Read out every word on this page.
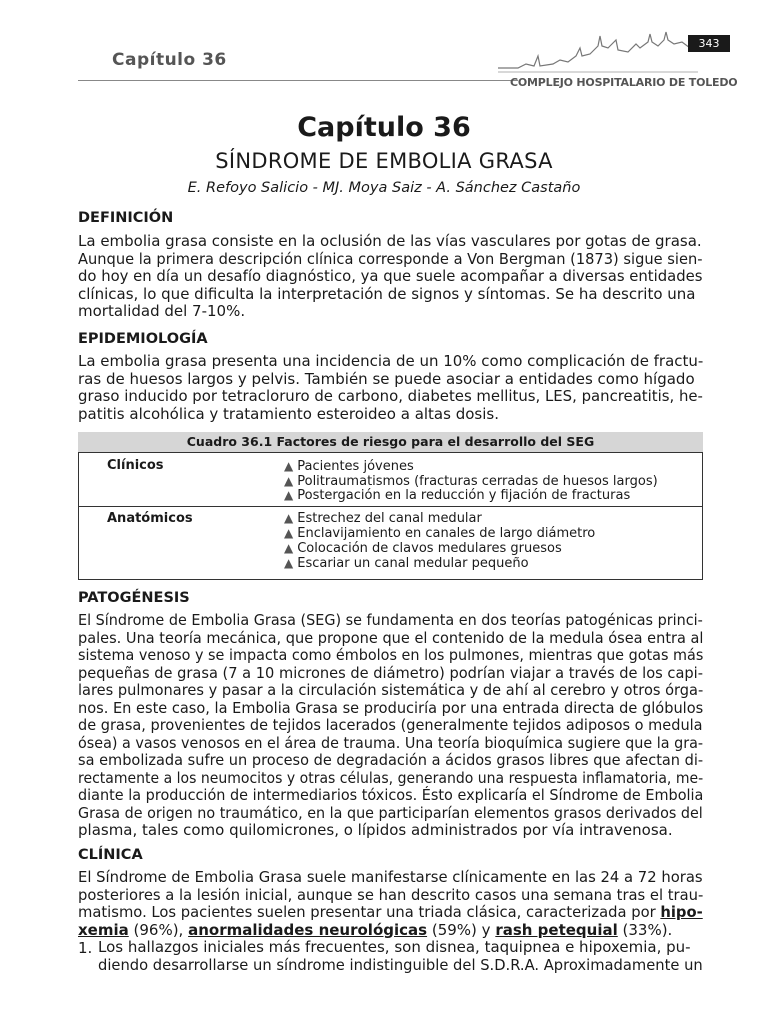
Capítulo 36
343
COMPLEJO HOSPITALARIO DE TOLEDO
Capítulo 36
SÍNDROME DE EMBOLIA GRASA
E. Refoyo Salicio - MJ. Moya Saiz - A. Sánchez Castaño
DEFINICIÓN
La embolia grasa consiste en la oclusión de las vías vasculares por gotas de grasa.
Aunque la primera descripción clínica corresponde a Von Bergman (1873) sigue sien-
do hoy en día un desafío diagnóstico, ya que suele acompañar a diversas entidades
clínicas, lo que dificulta la interpretación de signos y síntomas. Se ha descrito una
mortalidad del 7-10%.
EPIDEMIOLOGÍA
La embolia grasa presenta una incidencia de un 10% como complicación de fractu-
ras de huesos largos y pelvis. También se puede asociar a entidades como hígado
graso inducido por tetracloruro de carbono, diabetes mellitus, LES, pancreatitis, he-
patitis alcohólica y tratamiento esteroideo a altas dosis.
Cuadro 36.1 Factores de riesgo para el desarrollo del SEG
Clínicos	▲ Pacientes jóvenes
▲ Politraumatismos (fracturas cerradas de huesos largos)
▲ Postergación en la reducción y fijación de fracturas
Anatómicos	▲ Estrechez del canal medular
▲ Enclavijamiento en canales de largo diámetro
▲ Colocación de clavos medulares gruesos
▲ Escariar un canal medular pequeño
PATOGÉNESIS
El Síndrome de Embolia Grasa (SEG) se fundamenta en dos teorías patogénicas princi-
pales. Una teoría mecánica, que propone que el contenido de la medula ósea entra al
sistema venoso y se impacta como émbolos en los pulmones, mientras que gotas más
pequeñas de grasa (7 a 10 micrones de diámetro) podrían viajar a través de los capi-
lares pulmonares y pasar a la circulación sistemática y de ahí al cerebro y otros órga-
nos. En este caso, la Embolia Grasa se produciría por una entrada directa de glóbulos
de grasa, provenientes de tejidos lacerados (generalmente tejidos adiposos o medula
ósea) a vasos venosos en el área de trauma. Una teoría bioquímica sugiere que la gra-
sa embolizada sufre un proceso de degradación a ácidos grasos libres que afectan di-
rectamente a los neumocitos y otras células, generando una respuesta inflamatoria, me-
diante la producción de intermediarios tóxicos. Ésto explicaría el Síndrome de Embolia
Grasa de origen no traumático, en la que participarían elementos grasos derivados del
plasma, tales como quilomicrones, o lípidos administrados por vía intravenosa.
CLÍNICA
El Síndrome de Embolia Grasa suele manifestarse clínicamente en las 24 a 72 horas
posteriores a la lesión inicial, aunque se han descrito casos una semana tras el trau-
matismo. Los pacientes suelen presentar una triada clásica, caracterizada por hipo-
xemia (96%), anormalidades neurológicas (59%) y rash petequial (33%).
1. Los hallazgos iniciales más frecuentes, son disnea, taquipnea e hipoxemia, pu-
diendo desarrollarse un síndrome indistinguible del S.D.R.A. Aproximadamente un
